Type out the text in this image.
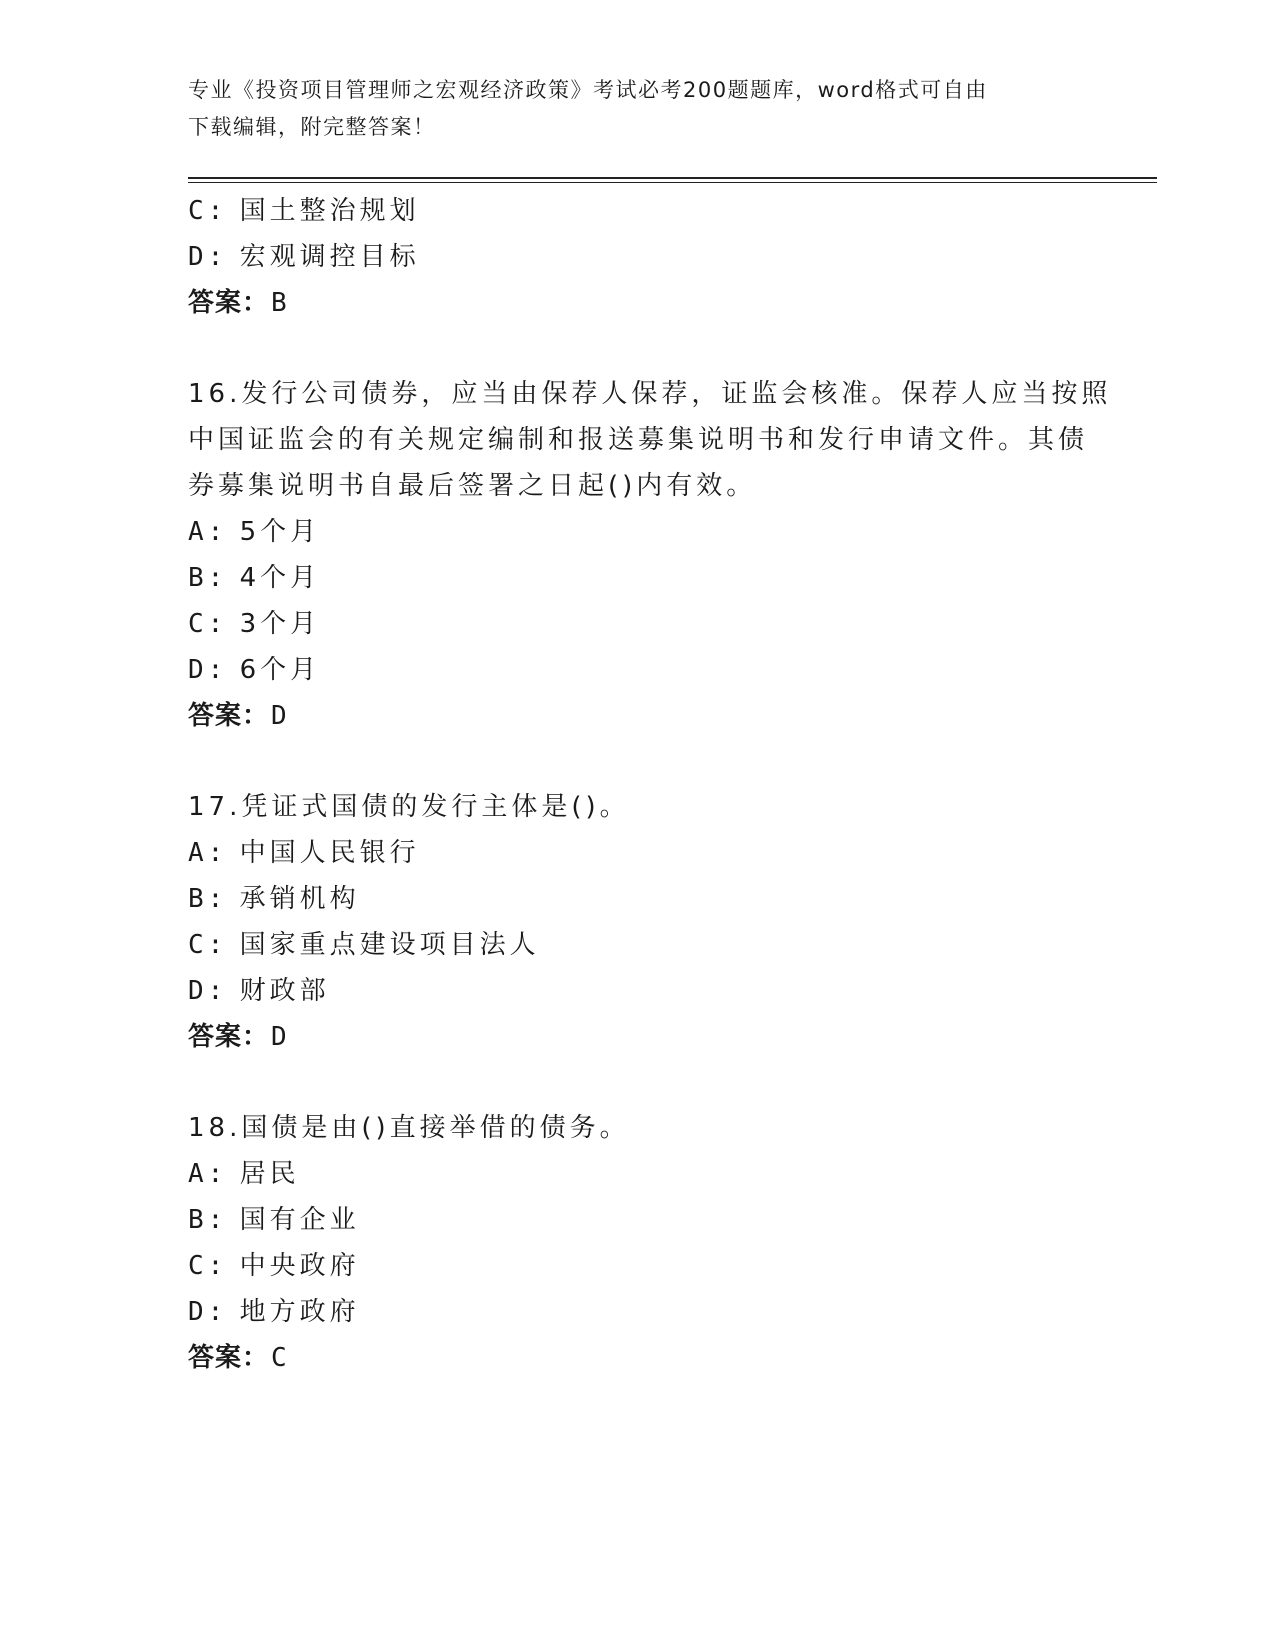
专业《投资项目管理师之宏观经济政策》考试必考200题题库，word格式可自由
下载编辑，附完整答案！
C: 国土整治规划
D: 宏观调控目标
答案：B
16.发行公司债券，应当由保荐人保荐，证监会核准。保荐人应当按照
中国证监会的有关规定编制和报送募集说明书和发行申请文件。其债
券募集说明书自最后签署之日起()内有效。
A: 5个月
B: 4个月
C: 3个月
D: 6个月
答案：D
17.凭证式国债的发行主体是()。
A: 中国人民银行
B: 承销机构
C: 国家重点建设项目法人
D: 财政部
答案：D
18.国债是由()直接举借的债务。
A: 居民
B: 国有企业
C: 中央政府
D: 地方政府
答案：C
